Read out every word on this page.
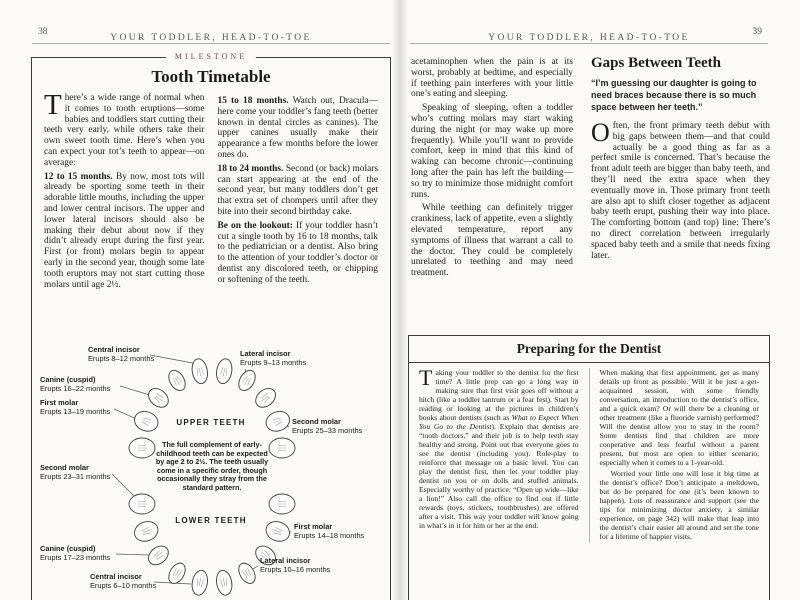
38
YOUR TODDLER, HEAD-TO-TOE
MILESTONE
Tooth Timetable

There’s a wide range of normal when it comes to tooth eruptions—some babies and toddlers start cutting their teeth very early, while others take their own sweet tooth time. Here’s when you can expect your tot’s teeth to appear—on average:

12 to 15 months. By now, most tots will already be sporting some teeth in their adorable little mouths, including the upper and lower central incisors. The upper and lower lateral incisors should also be making their debut about now if they didn’t already erupt during the first year. First (or front) molars begin to appear early in the second year, though some late tooth eruptors may not start cutting those molars until age 2½.

15 to 18 months. Watch out, Dracula—here come your toddler’s fang teeth (better known in dental circles as canines). The upper canines usually make their appearance a few months before the lower ones do.

18 to 24 months. Second (or back) molars can start appearing at the end of the second year, but many toddlers don’t get that extra set of chompers until after they bite into their second birthday cake.

Be on the lookout: If your toddler hasn’t cut a single tooth by 16 to 18 months, talk to the pediatrician or a dentist. Also bring to the attention of your toddler’s doctor or dentist any discolored teeth, or chipping or softening of the teeth.

UPPER TEETH
LOWER TEETH
The full complement of early-childhood teeth can be expected by age 2 to 2½. The teeth usually come in a specific order, though occasionally they stray from the standard pattern.
Central incisor
Erupts 8–12 months
Lateral incisor
Erupts 9–13 months
Canine (cuspid)
Erupts 16–22 months
First molar
Erupts 13–19 months
Second molar
Erupts 25–33 months
Second molar
Erupts 23–31 months
First molar
Erupts 14–18 months
Canine (cuspid)
Erupts 17–23 months	Lateral incisor
Erupts 10–16 months
Central incisor
Erupts 6–10 months
YOUR TODDLER, HEAD-TO-TOE
39

acetaminophen when the pain is at its worst, probably at bedtime, and especially if teething pain interferes with your little one’s eating and sleeping.

Speaking of sleeping, often a toddler who’s cutting molars may start waking during the night (or may wake up more frequently). While you’ll want to provide comfort, keep in mind that this kind of waking can become chronic—continuing long after the pain has left the building—so try to minimize those midnight comfort runs.

While teething can definitely trigger crankiness, lack of appetite, even a slightly elevated temperature, report any symptoms of illness that warrant a call to the doctor. They could be completely unrelated to teething and may need treatment.

Gaps Between Teeth
“I’m guessing our daughter is going to need braces because there is so much space between her teeth.”

Often, the front primary teeth debut with big gaps between them—and that could actually be a good thing as far as a perfect smile is concerned. That’s because the front adult teeth are bigger than baby teeth, and they’ll need the extra space when they eventually move in. Those primary front teeth are also apt to shift closer together as adjacent baby teeth erupt, pushing their way into place. The comforting bottom (and top) line: There’s no direct correlation between irregularly spaced baby teeth and a smile that needs fixing later.

Preparing for the Dentist

Taking your toddler to the dentist for the first time? A little prep can go a long way in making sure that first visit goes off without a hitch (like a toddler tantrum or a fear fest). Start by reading or looking at the pictures in children’s books about dentists (such as What to Expect When You Go to the Dentist). Explain that dentists are “tooth doctors,” and their job is to help teeth stay healthy and strong. Point out that everyone goes to see the dentist (including you). Role-play to reinforce that message on a basic level. You can play the dentist first, then let your toddler play dentist on you or on dolls and stuffed animals. Especially worthy of practice: “Open up wide—like a lion!” Also call the office to find out if little rewards (toys, stickers, toothbrushes) are offered after a visit. This way your toddler will know going in what’s in it for him or her at the end.

When making that first appointment, get as many details up front as possible. Will it be just a get-acquainted session, with some friendly conversation, an introduction to the dentist’s office, and a quick exam? Or will there be a cleaning or other treatment (like a fluoride varnish) performed? Will the dentist allow you to stay in the room? Some dentists find that children are more cooperative and less fearful without a parent present, but most are open to either scenario, especially when it comes to a 1-year-old.

Worried your little one will lose it big time at the dentist’s office? Don’t anticipate a meltdown, but do be prepared for one (it’s been known to happen). Lots of reassurance and support (see the tips for minimizing doctor anxiety, a similar experience, on page 342) will make that leap into the dentist’s chair easier all around and set the tone for a lifetime of happier visits.
